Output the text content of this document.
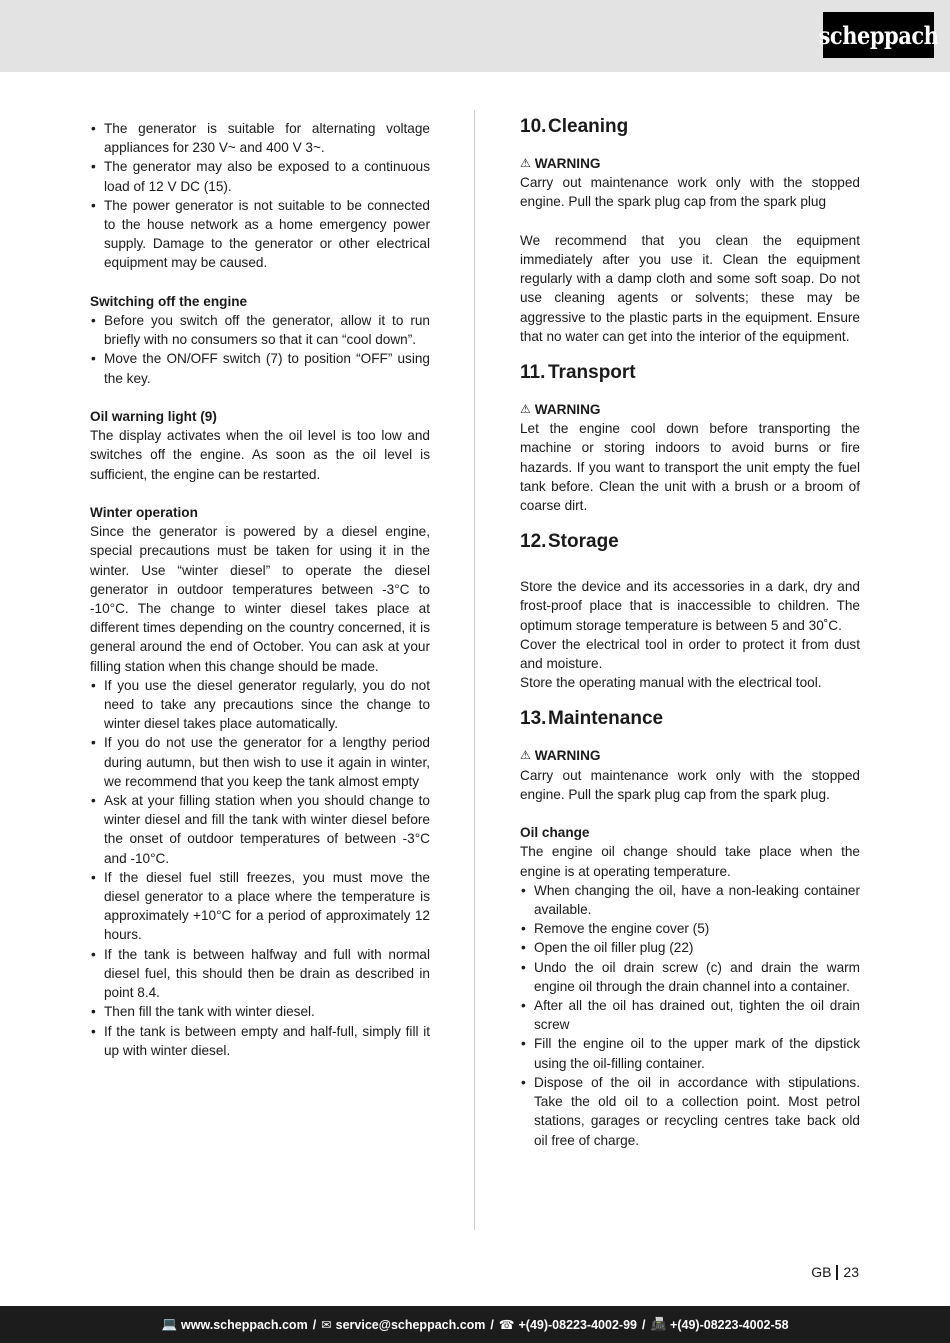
scheppach
• The generator is suitable for alternating voltage appliances for 230 V~ and 400 V 3~.
• The generator may also be exposed to a continuous load of 12 V DC (15).
• The power generator is not suitable to be connected to the house network as a home emergency power supply. Damage to the generator or other electrical equipment may be caused.

Switching off the engine

• Before you switch off the generator, allow it to run briefly with no consumers so that it can “cool down”.
• Move the ON/OFF switch (7) to position “OFF” using the key.

Oil warning light (9)

The display activates when the oil level is too low and switches off the engine. As soon as the oil level is sufficient, the engine can be restarted.

Winter operation

Since the generator is powered by a diesel engine, special precautions must be taken for using it in the winter. Use “winter diesel” to operate the diesel generator in outdoor temperatures between -3°C to -10°C. The change to winter diesel takes place at different times depending on the country concerned, it is general around the end of October. You can ask at your filling station when this change should be made.

• If you use the diesel generator regularly, you do not need to take any precautions since the change to winter diesel takes place automatically.
• If you do not use the generator for a lengthy period during autumn, but then wish to use it again in winter, we recommend that you keep the tank almost empty
• Ask at your filling station when you should change to winter diesel and fill the tank with winter diesel before the onset of outdoor temperatures of between -3°C and -10°C.
• If the diesel fuel still freezes, you must move the diesel generator to a place where the temperature is approximately +10°C for a period of approximately 12 hours.
• If the tank is between halfway and full with normal diesel fuel, this should then be drain as described in point 8.4.
• Then fill the tank with winter diesel.
• If the tank is between empty and half-full, simply fill it up with winter diesel.
10. Cleaning

⚠ WARNING

Carry out maintenance work only with the stopped engine. Pull the spark plug cap from the spark plug

We recommend that you clean the equipment immediately after you use it. Clean the equipment regularly with a damp cloth and some soft soap. Do not use cleaning agents or solvents; these may be aggressive to the plastic parts in the equipment. Ensure that no water can get into the interior of the equipment.

11. Transport

⚠ WARNING

Let the engine cool down before transporting the machine or storing indoors to avoid burns or fire hazards. If you want to transport the unit empty the fuel tank before. Clean the unit with a brush or a broom of coarse dirt.

12. Storage

Store the device and its accessories in a dark, dry and frost-proof place that is inaccessible to children. The optimum storage temperature is between 5 and 30˚C.

Cover the electrical tool in order to protect it from dust and moisture.

Store the operating manual with the electrical tool.

13. Maintenance

⚠ WARNING

Carry out maintenance work only with the stopped engine. Pull the spark plug cap from the spark plug.

Oil change

The engine oil change should take place when the engine is at operating temperature.

• When changing the oil, have a non-leaking container available.
• Remove the engine cover (5)
• Open the oil filler plug (22)
• Undo the oil drain screw (c) and drain the warm engine oil through the drain channel into a container.
• After all the oil has drained out, tighten the oil drain screw
• Fill the engine oil to the upper mark of the dipstick using the oil-filling container.
• Dispose of the oil in accordance with stipulations. Take the old oil to a collection point. Most petrol stations, garages or recycling centres take back old oil free of charge.
GB 23
💻 www.scheppach.com / ✉ service@scheppach.com / ☎ +(49)-08223-4002-99 / 📠 +(49)-08223-4002-58
